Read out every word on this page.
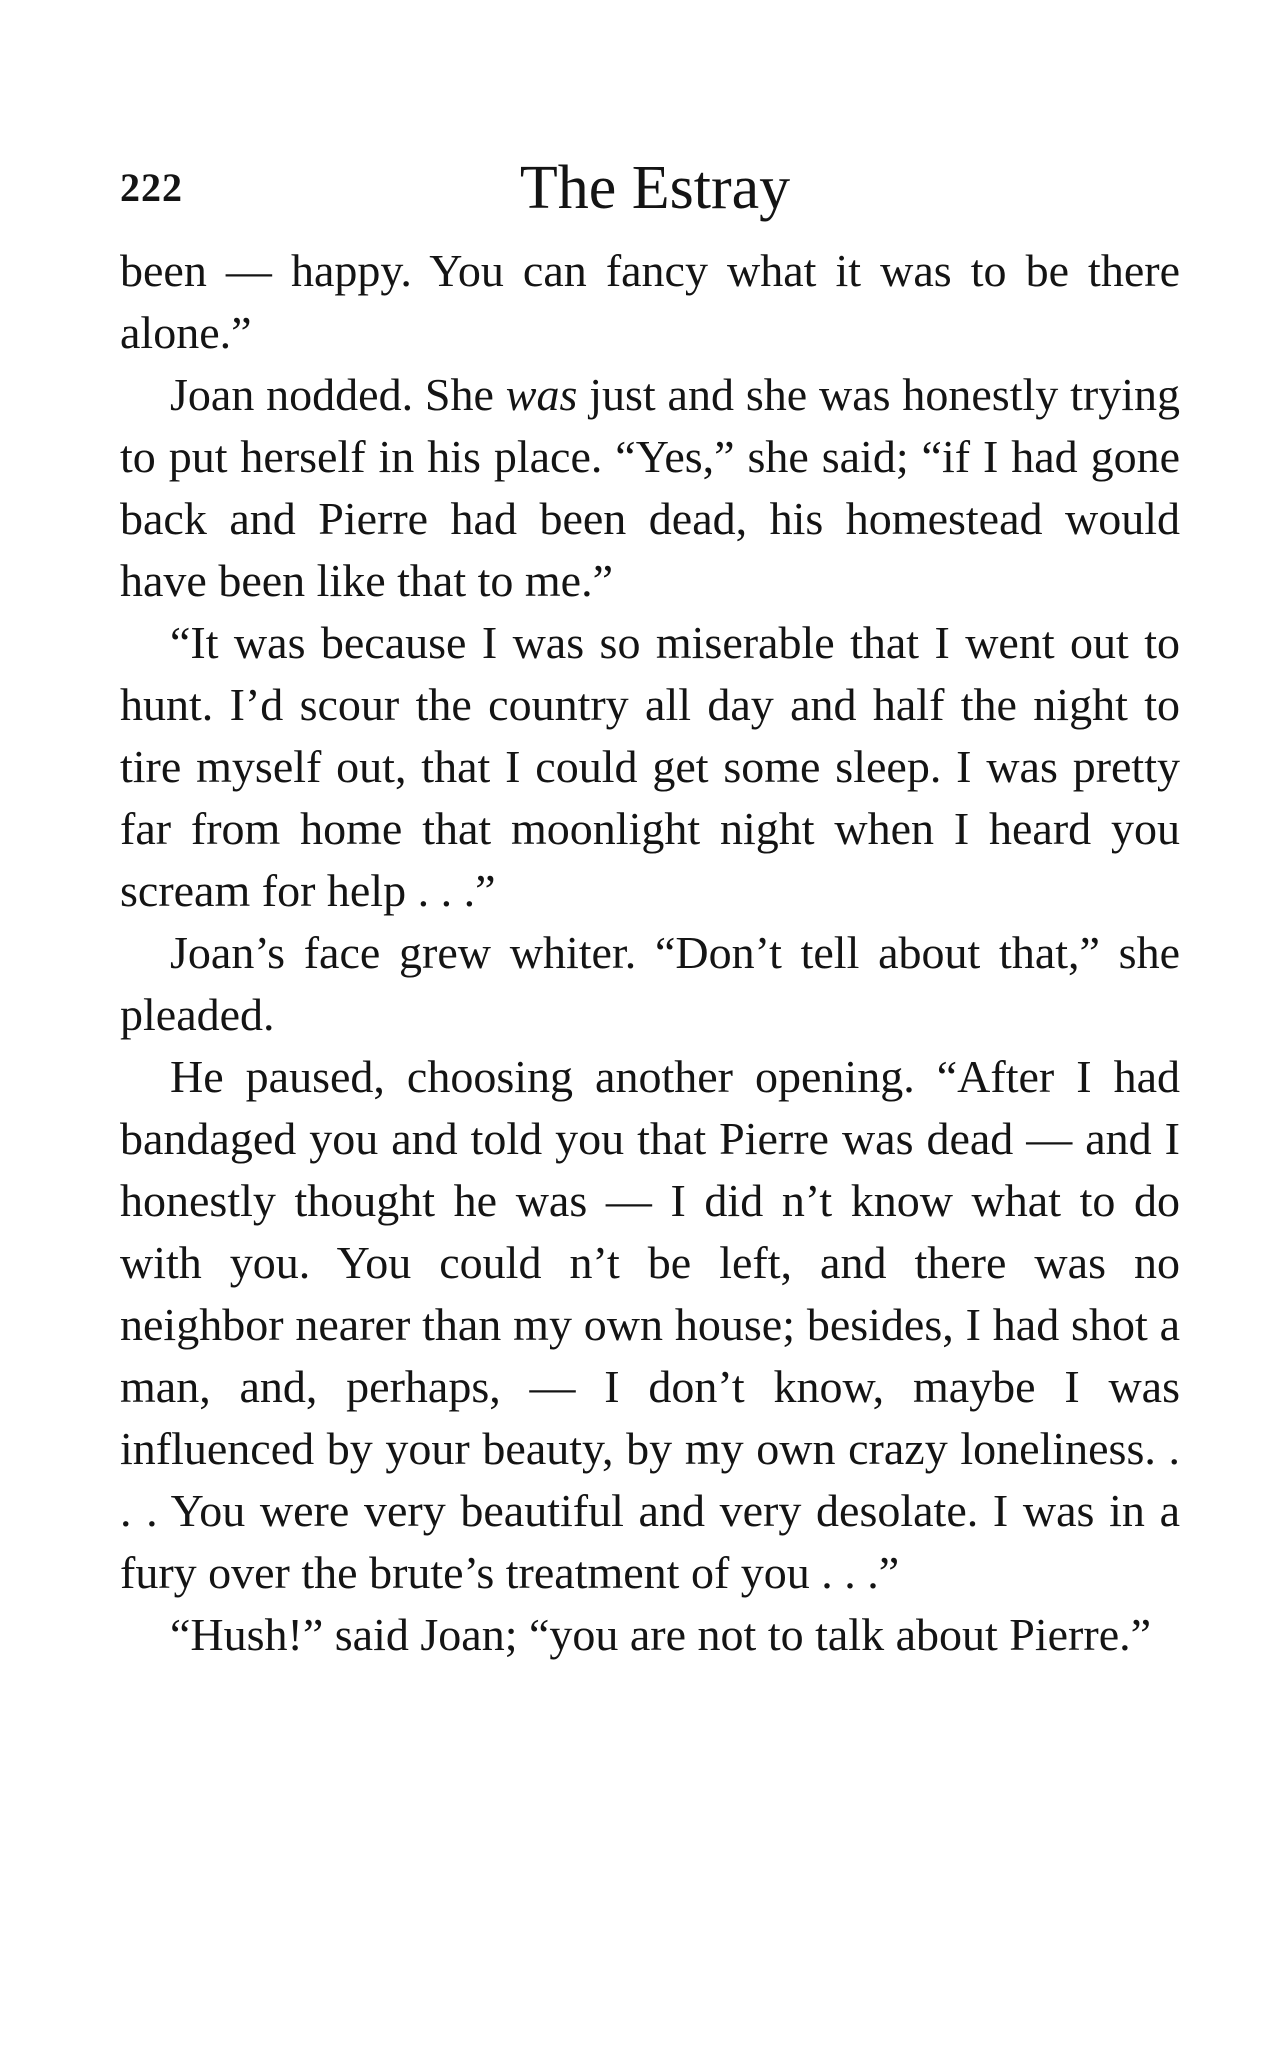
222	The Estray

been — happy. You can fancy what it was to be there alone.”

Joan nodded. She was just and she was honestly trying to put herself in his place. “Yes,” she said; “if I had gone back and Pierre had been dead, his homestead would have been like that to me.”

“It was because I was so miserable that I went out to hunt. I’d scour the country all day and half the night to tire myself out, that I could get some sleep. I was pretty far from home that moonlight night when I heard you scream for help . . .”

Joan’s face grew whiter. “Don’t tell about that,” she pleaded.

He paused, choosing another opening. “After I had bandaged you and told you that Pierre was dead — and I honestly thought he was — I did n’t know what to do with you. You could n’t be left, and there was no neighbor nearer than my own house; besides, I had shot a man, and, perhaps, — I don’t know, maybe I was influenced by your beauty, by my own crazy loneliness. . . . You were very beautiful and very desolate. I was in a fury over the brute’s treatment of you . . .”

“Hush!” said Joan; “you are not to talk about Pierre.”
